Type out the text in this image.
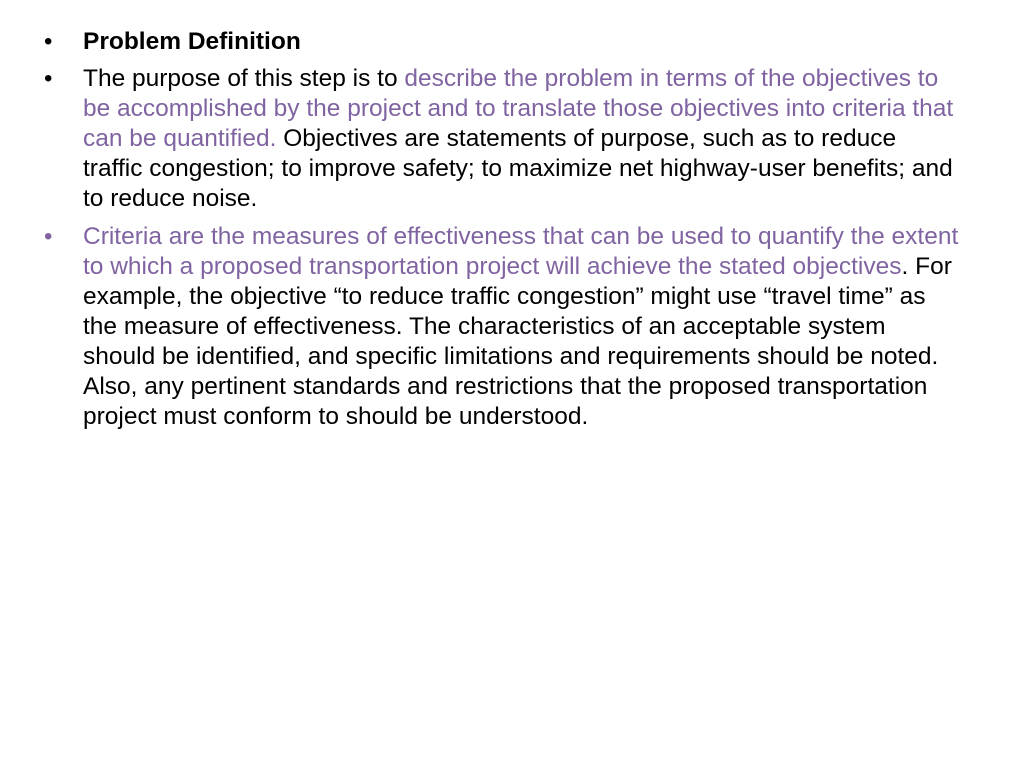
•	Problem Definition
•	The purpose of this step is to describe the problem in terms of the objectives to be accomplished by the project and to translate those objectives into criteria that can be quantified. Objectives are statements of purpose, such as to reduce traffic congestion; to improve safety; to maximize net highway-user benefits; and to reduce noise.
•	Criteria are the measures of effectiveness that can be used to quantify the extent to which a proposed transportation project will achieve the stated objectives. For example, the objective “to reduce traffic congestion” might use “travel time” as the measure of effectiveness. The characteristics of an acceptable system should be identified, and specific limitations and requirements should be noted. Also, any pertinent standards and restrictions that the proposed transportation project must conform to should be understood.
